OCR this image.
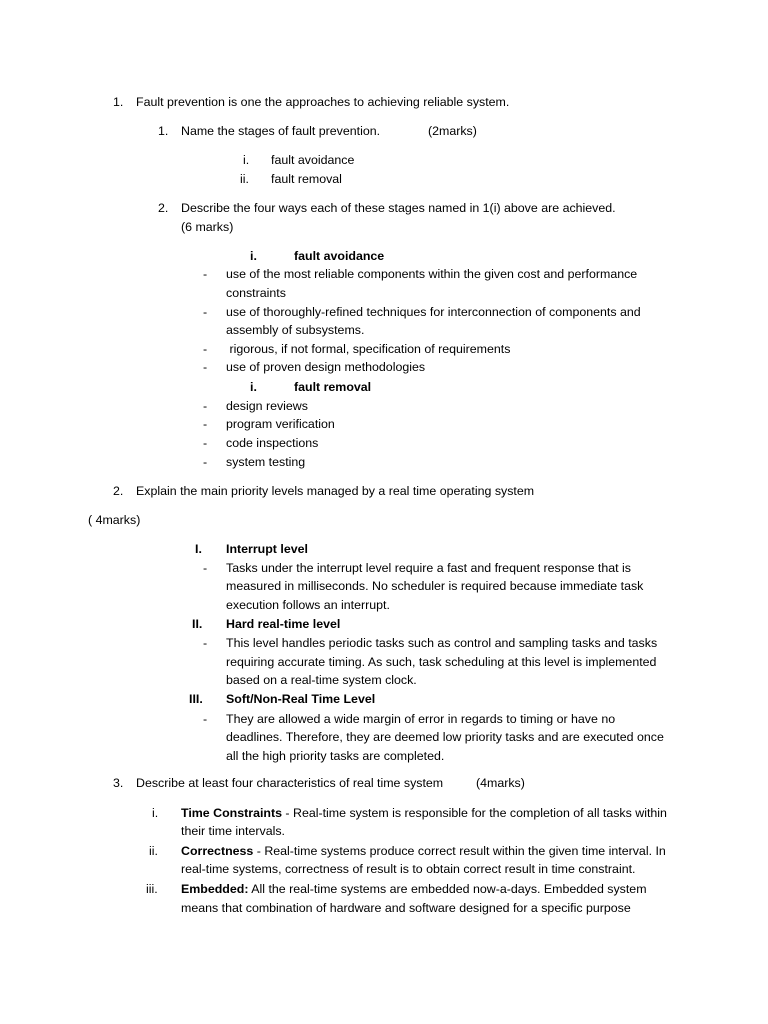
1. Fault prevention is one the approaches to achieving reliable system.
1. Name the stages of fault prevention.	(2marks)
i. fault avoidance
ii. fault removal
2. Describe the four ways each of these stages named in 1(i) above are achieved.
(6 marks)
i.	fault avoidance
- use of the most reliable components within the given cost and performance
constraints
- use of thoroughly-refined techniques for interconnection of components and
assembly of subsystems.
- rigorous, if not formal, specification of requirements
- use of proven design methodologies
i.	fault removal
- design reviews
- program verification
- code inspections
- system testing
2. Explain the main priority levels managed by a real time operating system
( 4marks)
I. Interrupt level
- Tasks under the interrupt level require a fast and frequent response that is
measured in milliseconds. No scheduler is required because immediate task
execution follows an interrupt.
II. Hard real-time level
- This level handles periodic tasks such as control and sampling tasks and tasks
requiring accurate timing. As such, task scheduling at this level is implemented
based on a real-time system clock.
III. Soft/Non-Real Time Level
- They are allowed a wide margin of error in regards to timing or have no
deadlines. Therefore, they are deemed low priority tasks and are executed once
all the high priority tasks are completed.
3. Describe at least four characteristics of real time system	(4marks)
i. Time Constraints - Real-time system is responsible for the completion of all tasks within
their time intervals.
ii. Correctness - Real-time systems produce correct result within the given time interval. In
real-time systems, correctness of result is to obtain correct result in time constraint.
iii. Embedded: All the real-time systems are embedded now-a-days. Embedded system
means that combination of hardware and software designed for a specific purpose
